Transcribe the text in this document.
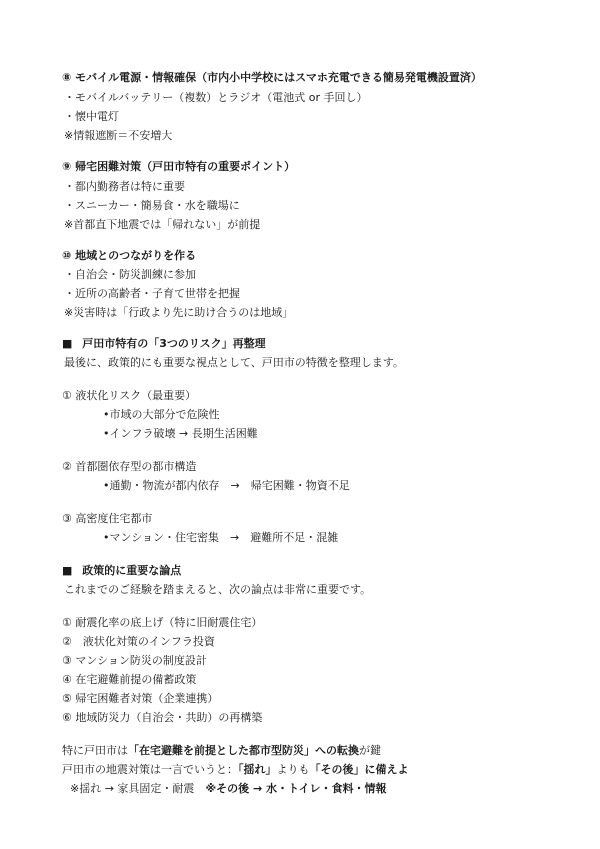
⑧ モバイル電源・情報確保（市内小中学校にはスマホ充電できる簡易発電機設置済）
・モバイルバッテリー（複数）とラジオ（電池式 or 手回し）
・懐中電灯
※情報遮断＝不安増大
⑨ 帰宅困難対策（戸田市特有の重要ポイント）
・都内勤務者は特に重要
・スニーカー・簡易食・水を職場に
※首都直下地震では「帰れない」が前提
⑩ 地域とのつながりを作る
・自治会・防災訓練に参加
・近所の高齢者・子育て世帯を把握
※災害時は「行政より先に助け合うのは地域」
■ 戸田市特有の「3つのリスク」再整理
最後に、政策的にも重要な視点として、戸田市の特徴を整理します。
① 液状化リスク（最重要）
•市域の大部分で危険性
•インフラ破壊 → 長期生活困難
② 首都圏依存型の都市構造
•通勤・物流が都内依存　→　帰宅困難・物資不足
③ 高密度住宅都市
•マンション・住宅密集　→　避難所不足・混雑
■ 政策的に重要な論点
これまでのご経験を踏まえると、次の論点は非常に重要です。
① 耐震化率の底上げ（特に旧耐震住宅）
②　液状化対策のインフラ投資
③ マンション防災の制度設計
④ 在宅避難前提の備蓄政策
⑤ 帰宅困難者対策（企業連携）
⑥ 地域防災力（自治会・共助）の再構築
特に戸田市は「在宅避難を前提とした都市型防災」への転換が鍵
戸田市の地震対策は一言でいうと：「揺れ」よりも「その後」に備えよ
※揺れ → 家具固定・耐震　※その後 → 水・トイレ・食料・情報
